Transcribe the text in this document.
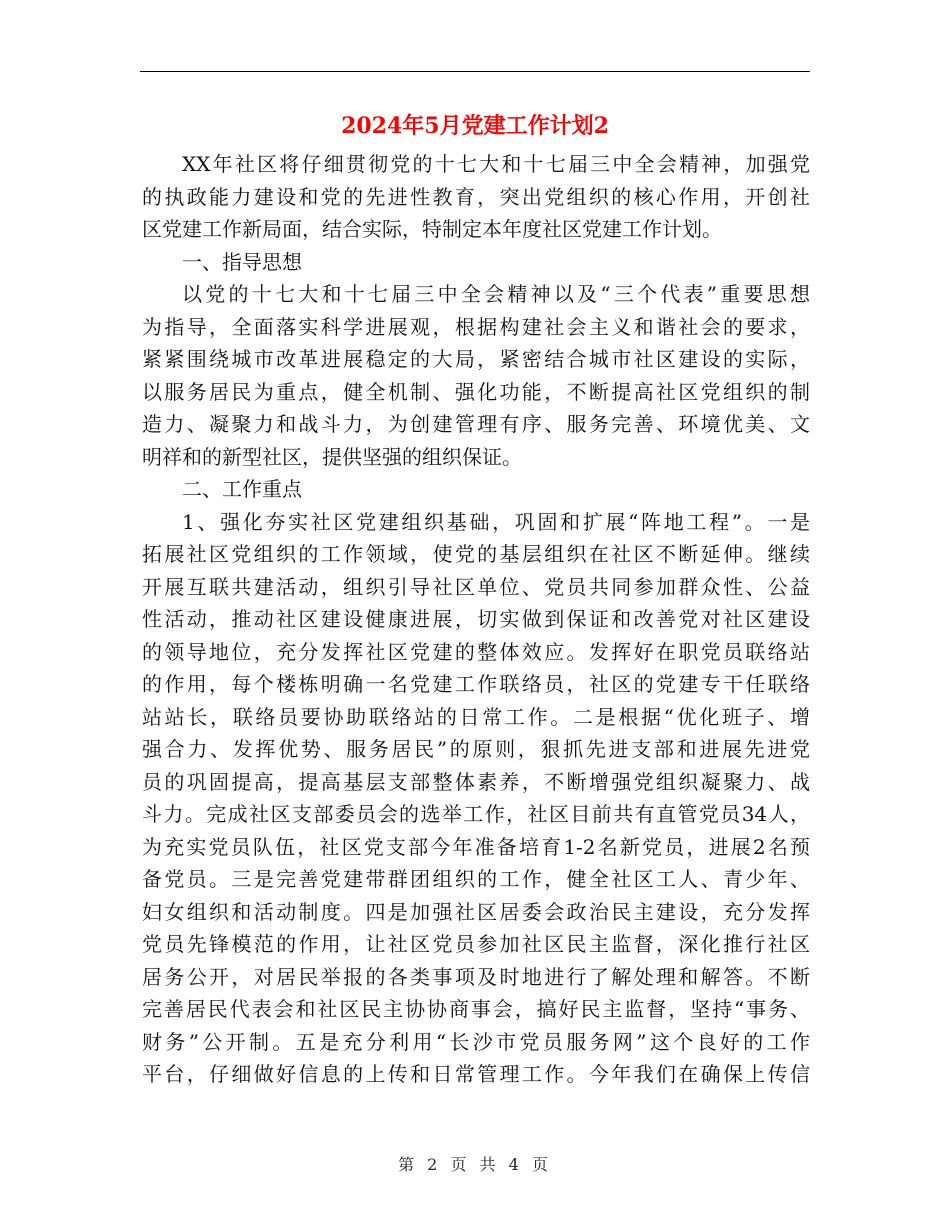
2024年5月党建工作计划2
XX年社区将仔细贯彻党的十七大和十七届三中全会精神，加强党
的执政能力建设和党的先进性教育，突出党组织的核心作用，开创社
区党建工作新局面，结合实际，特制定本年度社区党建工作计划。
一、指导思想
以党的十七大和十七届三中全会精神以及“三个代表”重要思想
为指导，全面落实科学进展观，根据构建社会主义和谐社会的要求，
紧紧围绕城市改革进展稳定的大局，紧密结合城市社区建设的实际，
以服务居民为重点，健全机制、强化功能，不断提高社区党组织的制
造力、凝聚力和战斗力，为创建管理有序、服务完善、环境优美、文
明祥和的新型社区，提供坚强的组织保证。
二、工作重点
1、强化夯实社区党建组织基础，巩固和扩展“阵地工程”。一是
拓展社区党组织的工作领域，使党的基层组织在社区不断延伸。继续
开展互联共建活动，组织引导社区单位、党员共同参加群众性、公益
性活动，推动社区建设健康进展，切实做到保证和改善党对社区建设
的领导地位，充分发挥社区党建的整体效应。发挥好在职党员联络站
的作用，每个楼栋明确一名党建工作联络员，社区的党建专干任联络
站站长，联络员要协助联络站的日常工作。二是根据“优化班子、增
强合力、发挥优势、服务居民”的原则，狠抓先进支部和进展先进党
员的巩固提高，提高基层支部整体素养，不断增强党组织凝聚力、战
斗力。完成社区支部委员会的选举工作，社区目前共有直管党员34人，
为充实党员队伍，社区党支部今年准备培育1-2名新党员，进展2名预
备党员。三是完善党建带群团组织的工作，健全社区工人、青少年、
妇女组织和活动制度。四是加强社区居委会政治民主建设，充分发挥
党员先锋模范的作用，让社区党员参加社区民主监督，深化推行社区
居务公开，对居民举报的各类事项及时地进行了解处理和解答。不断
完善居民代表会和社区民主协协商事会，搞好民主监督，坚持“事务、
财务”公开制。五是充分利用“长沙市党员服务网”这个良好的工作
平台，仔细做好信息的上传和日常管理工作。今年我们在确保上传信
第 2 页 共 4 页
